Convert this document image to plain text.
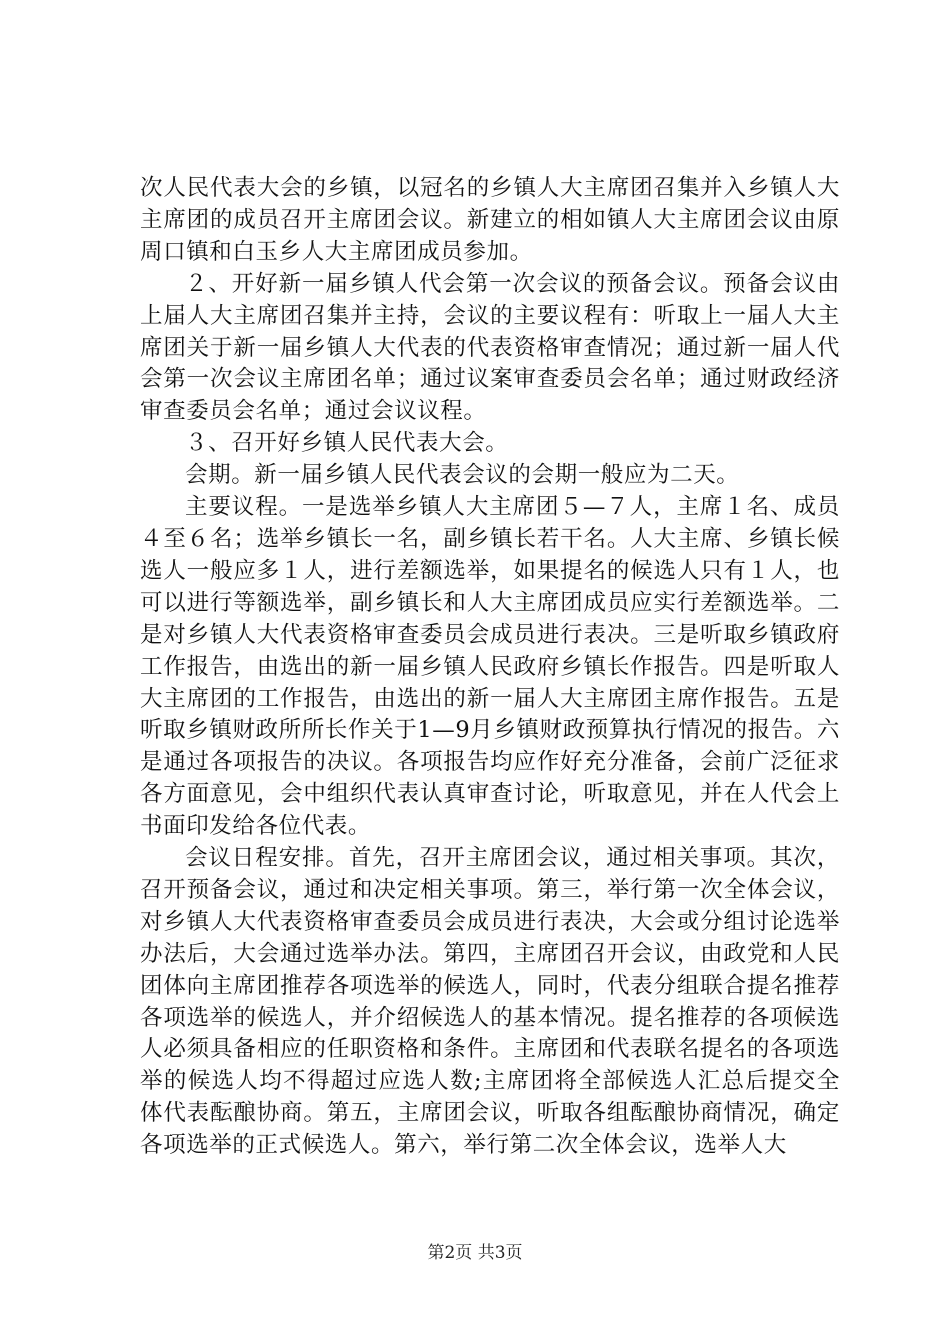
次人民代表大会的乡镇，以冠名的乡镇人大主席团召集并入乡镇人大主席团的成员召开主席团会议。新建立的相如镇人大主席团会议由原周口镇和白玉乡人大主席团成员参加。

２、开好新一届乡镇人代会第一次会议的预备会议。预备会议由上届人大主席团召集并主持，会议的主要议程有：听取上一届人大主席团关于新一届乡镇人大代表的代表资格审查情况；通过新一届人代会第一次会议主席团名单；通过议案审查委员会名单；通过财政经济审查委员会名单；通过会议议程。

３、召开好乡镇人民代表大会。

会期。新一届乡镇人民代表会议的会期一般应为二天。

主要议程。一是选举乡镇人大主席团５—７人，主席１名、成员４至６名；选举乡镇长一名，副乡镇长若干名。人大主席、乡镇长候选人一般应多１人，进行差额选举，如果提名的候选人只有１人，也可以进行等额选举，副乡镇长和人大主席团成员应实行差额选举。二是对乡镇人大代表资格审查委员会成员进行表决。三是听取乡镇政府工作报告，由选出的新一届乡镇人民政府乡镇长作报告。四是听取人大主席团的工作报告，由选出的新一届人大主席团主席作报告。五是听取乡镇财政所所长作关于1—9月乡镇财政预算执行情况的报告。六是通过各项报告的决议。各项报告均应作好充分准备，会前广泛征求各方面意见，会中组织代表认真审查讨论，听取意见，并在人代会上书面印发给各位代表。

会议日程安排。首先，召开主席团会议，通过相关事项。其次，召开预备会议，通过和决定相关事项。第三，举行第一次全体会议，对乡镇人大代表资格审查委员会成员进行表决，大会或分组讨论选举办法后，大会通过选举办法。第四，主席团召开会议，由政党和人民团体向主席团推荐各项选举的候选人，同时，代表分组联合提名推荐各项选举的候选人，并介绍候选人的基本情况。提名推荐的各项候选人必须具备相应的任职资格和条件。主席团和代表联名提名的各项选举的候选人均不得超过应选人数;主席团将全部候选人汇总后提交全体代表酝酿协商。第五，主席团会议，听取各组酝酿协商情况，确定各项选举的正式候选人。第六，举行第二次全体会议，选举人大

第2页 共3页
